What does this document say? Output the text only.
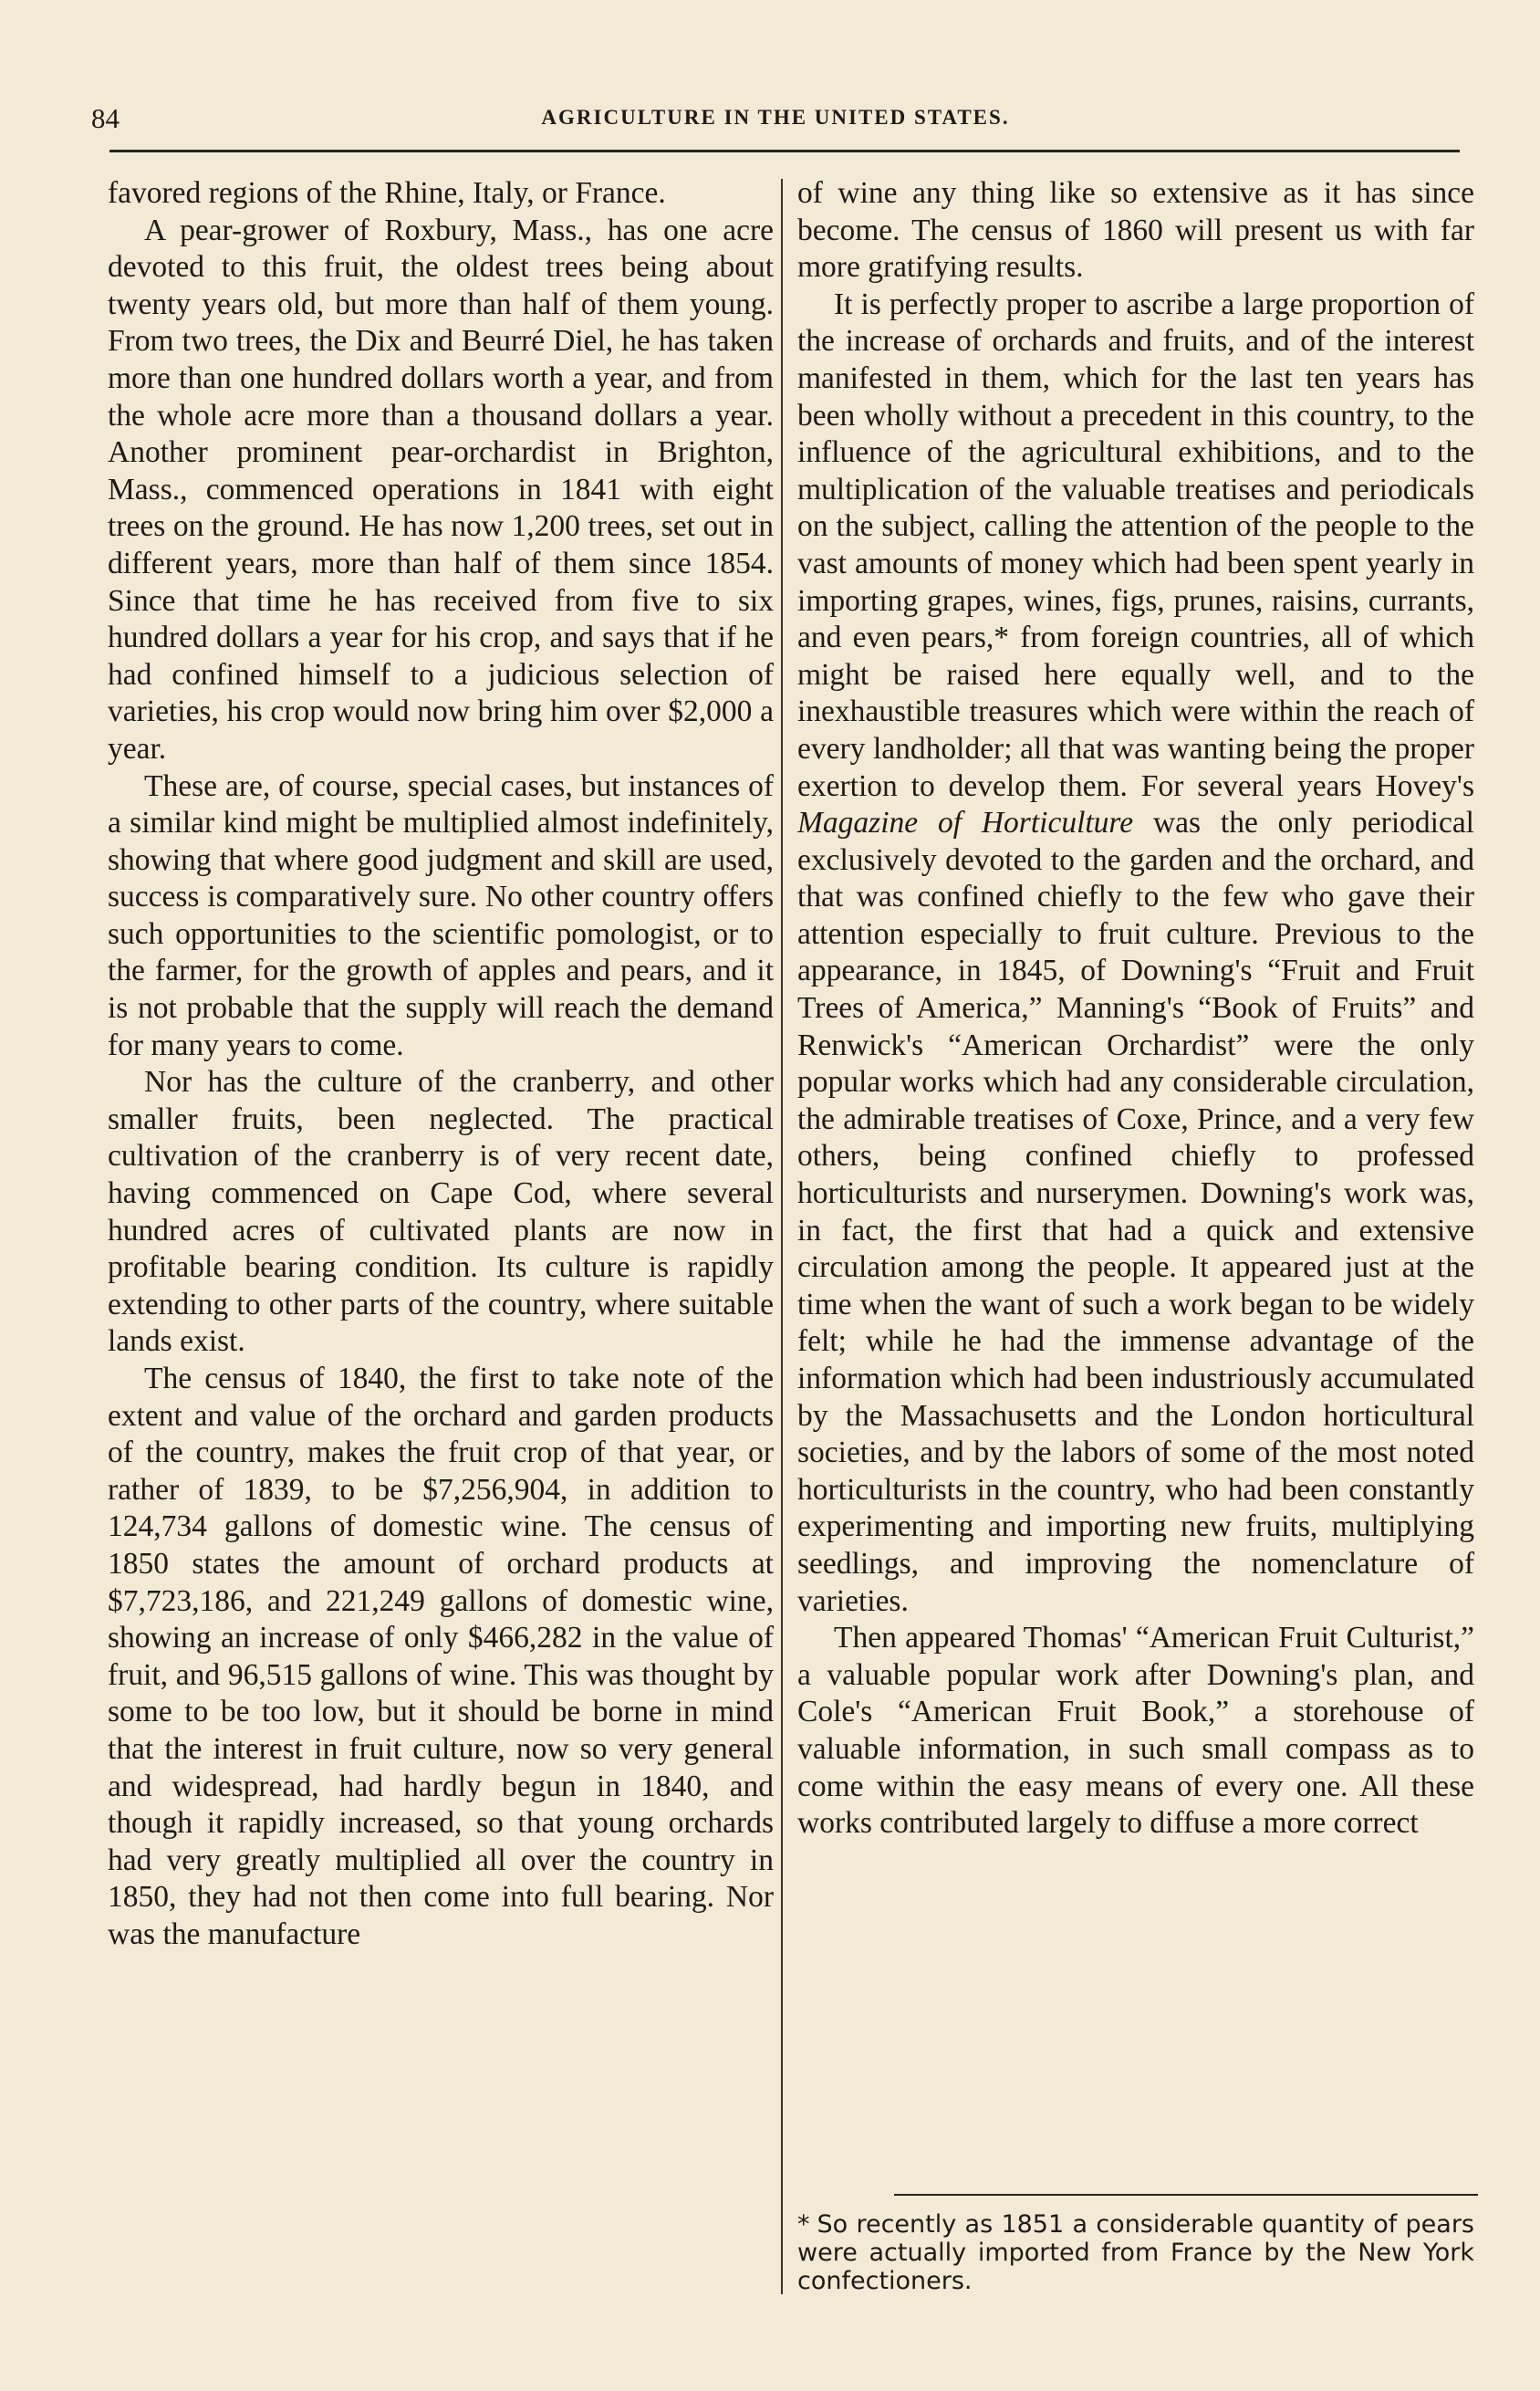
84	AGRICULTURE IN THE UNITED STATES.

favored regions of the Rhine, Italy, or France.

A pear-grower of Roxbury, Mass., has one acre devoted to this fruit, the oldest trees being about twenty years old, but more than half of them young. From two trees, the Dix and Beurré Diel, he has taken more than one hundred dollars worth a year, and from the whole acre more than a thousand dollars a year. Another prominent pear-orchardist in Brighton, Mass., commenced operations in 1841 with eight trees on the ground. He has now 1,200 trees, set out in different years, more than half of them since 1854. Since that time he has received from five to six hundred dollars a year for his crop, and says that if he had confined himself to a judicious selection of varieties, his crop would now bring him over $2,000 a year.

These are, of course, special cases, but instances of a similar kind might be multiplied almost indefinitely, showing that where good judgment and skill are used, success is comparatively sure. No other country offers such opportunities to the scientific pomologist, or to the farmer, for the growth of apples and pears, and it is not probable that the supply will reach the demand for many years to come.

Nor has the culture of the cranberry, and other smaller fruits, been neglected. The practical cultivation of the cranberry is of very recent date, having commenced on Cape Cod, where several hundred acres of cultivated plants are now in profitable bearing condition. Its culture is rapidly extending to other parts of the country, where suitable lands exist.

The census of 1840, the first to take note of the extent and value of the orchard and garden products of the country, makes the fruit crop of that year, or rather of 1839, to be $7,256,904, in addition to 124,734 gallons of domestic wine. The census of 1850 states the amount of orchard products at $7,723,186, and 221,249 gallons of domestic wine, showing an increase of only $466,282 in the value of fruit, and 96,515 gallons of wine. This was thought by some to be too low, but it should be borne in mind that the interest in fruit culture, now so very general and widespread, had hardly begun in 1840, and though it rapidly increased, so that young orchards had very greatly multiplied all over the country in 1850, they had not then come into full bearing. Nor was the manufacture

of wine any thing like so extensive as it has since become. The census of 1860 will present us with far more gratifying results.

It is perfectly proper to ascribe a large proportion of the increase of orchards and fruits, and of the interest manifested in them, which for the last ten years has been wholly without a precedent in this country, to the influence of the agricultural exhibitions, and to the multiplication of the valuable treatises and periodicals on the subject, calling the attention of the people to the vast amounts of money which had been spent yearly in importing grapes, wines, figs, prunes, raisins, currants, and even pears,* from foreign countries, all of which might be raised here equally well, and to the inexhaustible treasures which were within the reach of every landholder; all that was wanting being the proper exertion to develop them. For several years Hovey's Magazine of Horticulture was the only periodical exclusively devoted to the garden and the orchard, and that was confined chiefly to the few who gave their attention especially to fruit culture. Previous to the appearance, in 1845, of Downing's “Fruit and Fruit Trees of America,” Manning's “Book of Fruits” and Renwick's “American Orchardist” were the only popular works which had any considerable circulation, the admirable treatises of Coxe, Prince, and a very few others, being confined chiefly to professed horticulturists and nurserymen. Downing's work was, in fact, the first that had a quick and extensive circulation among the people. It appeared just at the time when the want of such a work began to be widely felt; while he had the immense advantage of the information which had been industriously accumulated by the Massachusetts and the London horticultural societies, and by the labors of some of the most noted horticulturists in the country, who had been constantly experimenting and importing new fruits, multiplying seedlings, and improving the nomenclature of varieties.

Then appeared Thomas' “American Fruit Culturist,” a valuable popular work after Downing's plan, and Cole's “American Fruit Book,” a storehouse of valuable information, in such small compass as to come within the easy means of every one. All these works contributed largely to diffuse a more correct

* So recently as 1851 a considerable quantity of pears were actually imported from France by the New York confectioners.
